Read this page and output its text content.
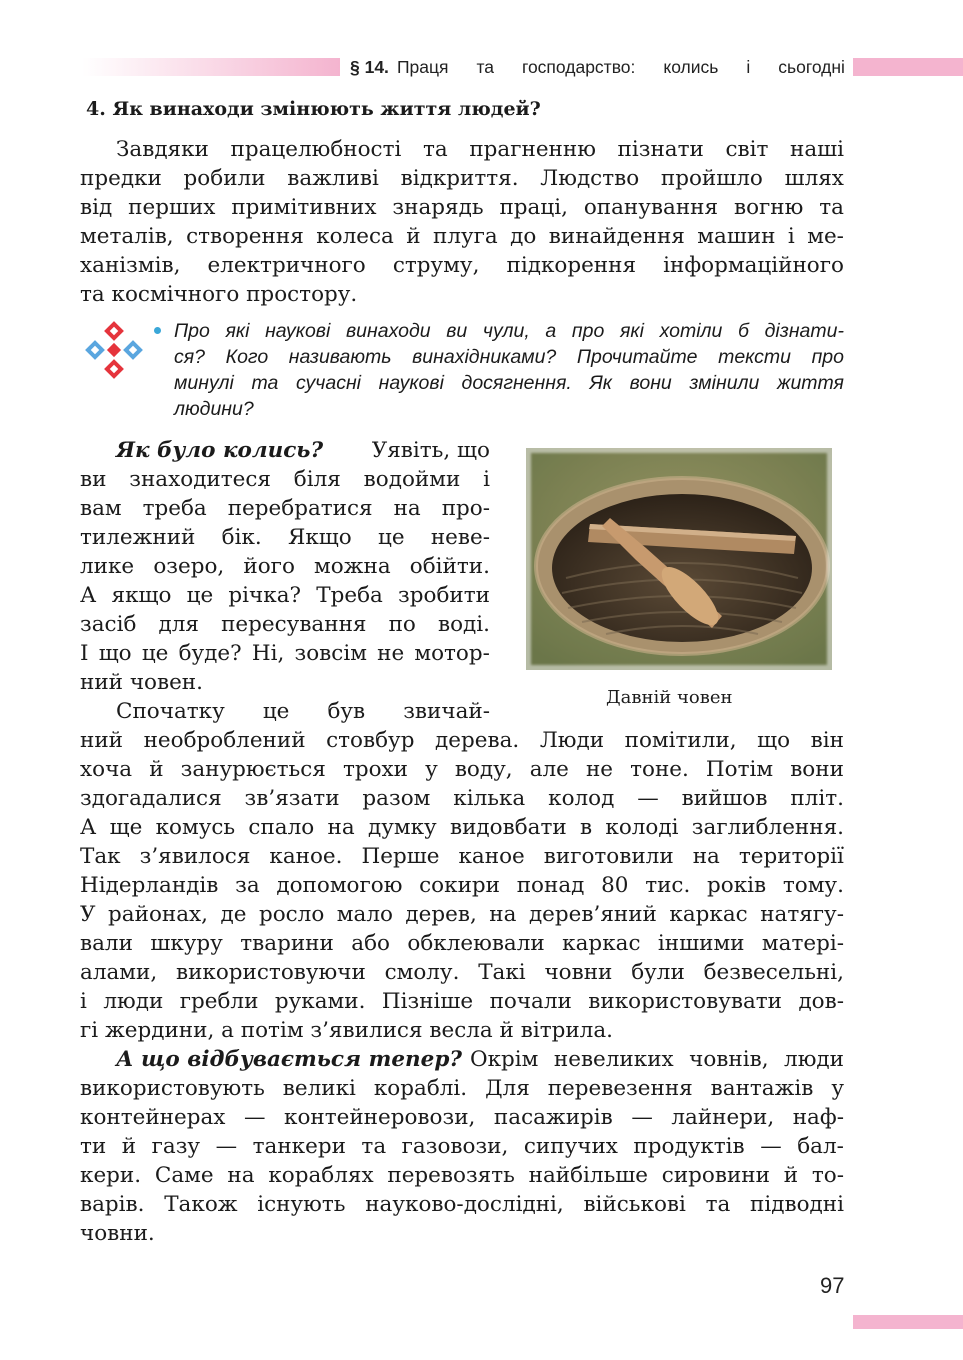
§ 14. Праця та господарство: колись і сьогодні
4. Як винаходи змінюють життя людей?
Завдяки працелюбності та прагненню пізнати світ наші
предки робили важливі відкриття. Людство пройшло шлях
від перших примітивних знарядь праці, опанування вогню та
металів, створення колеса й плуга до винайдення машин і ме-
ханізмів, електричного струму, підкорення інформаційного
та космічного простору.
Про які наукові винаходи ви чули, а про які хотіли б дізнати-
ся? Кого називають винахідниками? Прочитайте тексти про
минулі та сучасні наукові досягнення. Як вони змінили життя
людини?
Давній човен
Як було колись? Уявіть, що
ви знаходитеся біля водойми і
вам треба перебратися на про-
тилежний бік. Якщо це неве-
лике озеро, його можна обійти.
А якщо це річка? Треба зробити
засіб для пересування по воді.
І що це буде? Ні, зовсім не мотор-
ний човен.
Спочатку це був звичай-
ний необроблений стовбур дерева. Люди помітили, що він
хоча й занурюється трохи у воду, але не тоне. Потім вони
здогадалися зв’язати разом кілька колод — вийшов пліт.
А ще комусь спало на думку видовбати в колоді заглиблення.
Так з’явилося каное. Перше каное виготовили на території
Нідерландів за допомогою сокири понад 80 тис. років тому.
У районах, де росло мало дерев, на дерев’яний каркас натягу-
вали шкуру тварини або обклеювали каркас іншими матері-
алами, використовуючи смолу. Такі човни були безвесельні,
і люди гребли руками. Пізніше почали використовувати дов-
гі жердини, а потім з’явилися весла й вітрила.
А що відбувається тепер? Окрім невеликих човнів, люди
використовують великі кораблі. Для перевезення вантажів у
контейнерах — контейнеровози, пасажирів — лайнери, наф-
ти й газу — танкери та газовози, сипучих продуктів — бал-
кери. Саме на кораблях перевозять найбільше сировини й то-
варів. Також існують науково-дослідні, військові та підводні
човни.
97
